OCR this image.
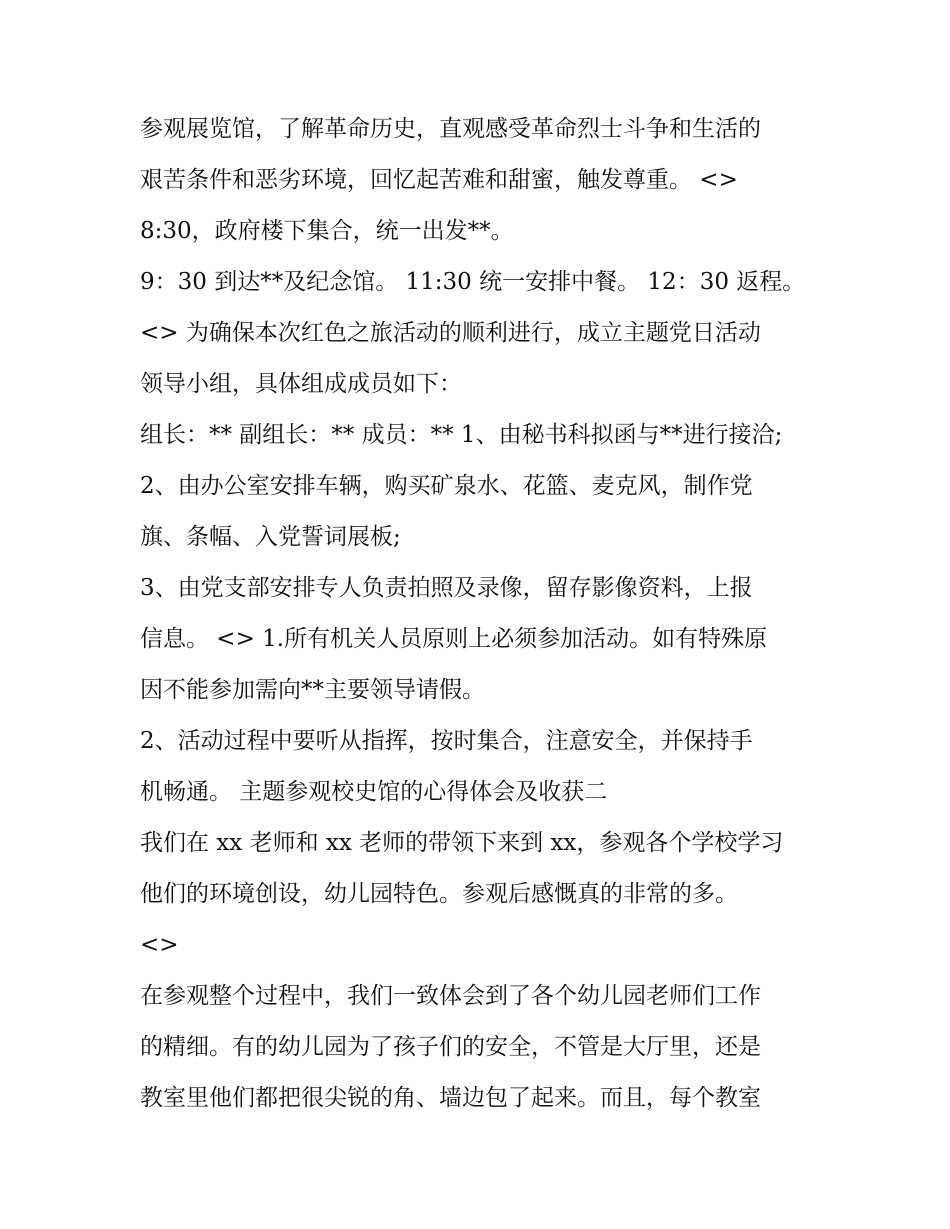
参观展览馆，了解革命历史，直观感受革命烈士斗争和生活的
艰苦条件和恶劣环境，回忆起苦难和甜蜜，触发尊重。 <>
8:30，政府楼下集合，统一出发**。
9：30 到达**及纪念馆。 11:30 统一安排中餐。 12：30 返程。
<> 为确保本次红色之旅活动的顺利进行，成立主题党日活动
领导小组，具体组成成员如下：
组长：** 副组长：** 成员：** 1、由秘书科拟函与**进行接洽;
2、由办公室安排车辆，购买矿泉水、花篮、麦克风，制作党
旗、条幅、入党誓词展板;
3、由党支部安排专人负责拍照及录像，留存影像资料，上报
信息。 <> 1.所有机关人员原则上必须参加活动。如有特殊原
因不能参加需向**主要领导请假。
2、活动过程中要听从指挥，按时集合，注意安全，并保持手
机畅通。 主题参观校史馆的心得体会及收获二
我们在 xx 老师和 xx 老师的带领下来到 xx，参观各个学校学习
他们的环境创设，幼儿园特色。参观后感慨真的非常的多。
<>
在参观整个过程中，我们一致体会到了各个幼儿园老师们工作
的精细。有的幼儿园为了孩子们的安全，不管是大厅里，还是
教室里他们都把很尖锐的角、墙边包了起来。而且，每个教室
